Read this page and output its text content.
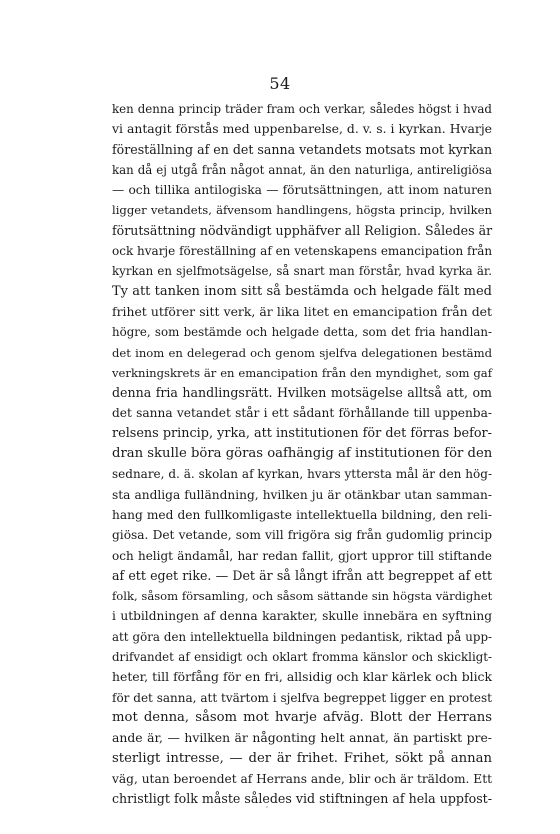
54
ken denna princip träder fram och verkar, således högst i hvad
vi antagit förstås med uppenbarelse, d. v. s. i kyrkan. Hvarje
föreställning af en det sanna vetandets motsats mot kyrkan
kan då ej utgå från något annat, än den naturliga, antireligiösa
— och tillika antilogiska — förutsättningen, att inom naturen
ligger vetandets, äfvensom handlingens, högsta princip, hvilken
förutsättning nödvändigt upphäfver all Religion. Således är
ock hvarje föreställning af en vetenskapens emancipation från
kyrkan en sjelfmotsägelse, så snart man förstår, hvad kyrka är.
Ty att tanken inom sitt så bestämda och helgade fält med
frihet utförer sitt verk, är lika litet en emancipation från det
högre, som bestämde och helgade detta, som det fria handlan-
det inom en delegerad och genom sjelfva delegationen bestämd
verkningskrets är en emancipation från den myndighet, som gaf
denna fria handlingsrätt. Hvilken motsägelse alltså att, om
det sanna vetandet står i ett sådant förhållande till uppenba-
relsens princip, yrka, att institutionen för det förras befor-
dran skulle böra göras oafhängig af institutionen för den
sednare, d. ä. skolan af kyrkan, hvars yttersta mål är den hög-
sta andliga fulländning, hvilken ju är otänkbar utan samman-
hang med den fullkomligaste intellektuella bildning, den reli-
giösa. Det vetande, som vill frigöra sig från gudomlig princip
och heligt ändamål, har redan fallit, gjort uppror till stiftande
af ett eget rike. — Det är så långt ifrån att begreppet af ett
folk, såsom församling, och såsom sättande sin högsta värdighet
i utbildningen af denna karakter, skulle innebära en syftning
att göra den intellektuella bildningen pedantisk, riktad på upp-
drifvandet af ensidigt och oklart fromma känslor och skickligt-
heter, till förfång för en fri, allsidig och klar kärlek och blick
för det sanna, att tvärtom i sjelfva begreppet ligger en protest
mot denna, såsom mot hvarje afväg. Blott der Herrans
ande är, — hvilken är någonting helt annat, än partiskt pre-
sterligt intresse, — der är frihet. Frihet, sökt på annan
väg, utan beroendet af Herrans ande, blir och är träldom. Ett
christligt folk måste således vid stiftningen af hela uppfost-
